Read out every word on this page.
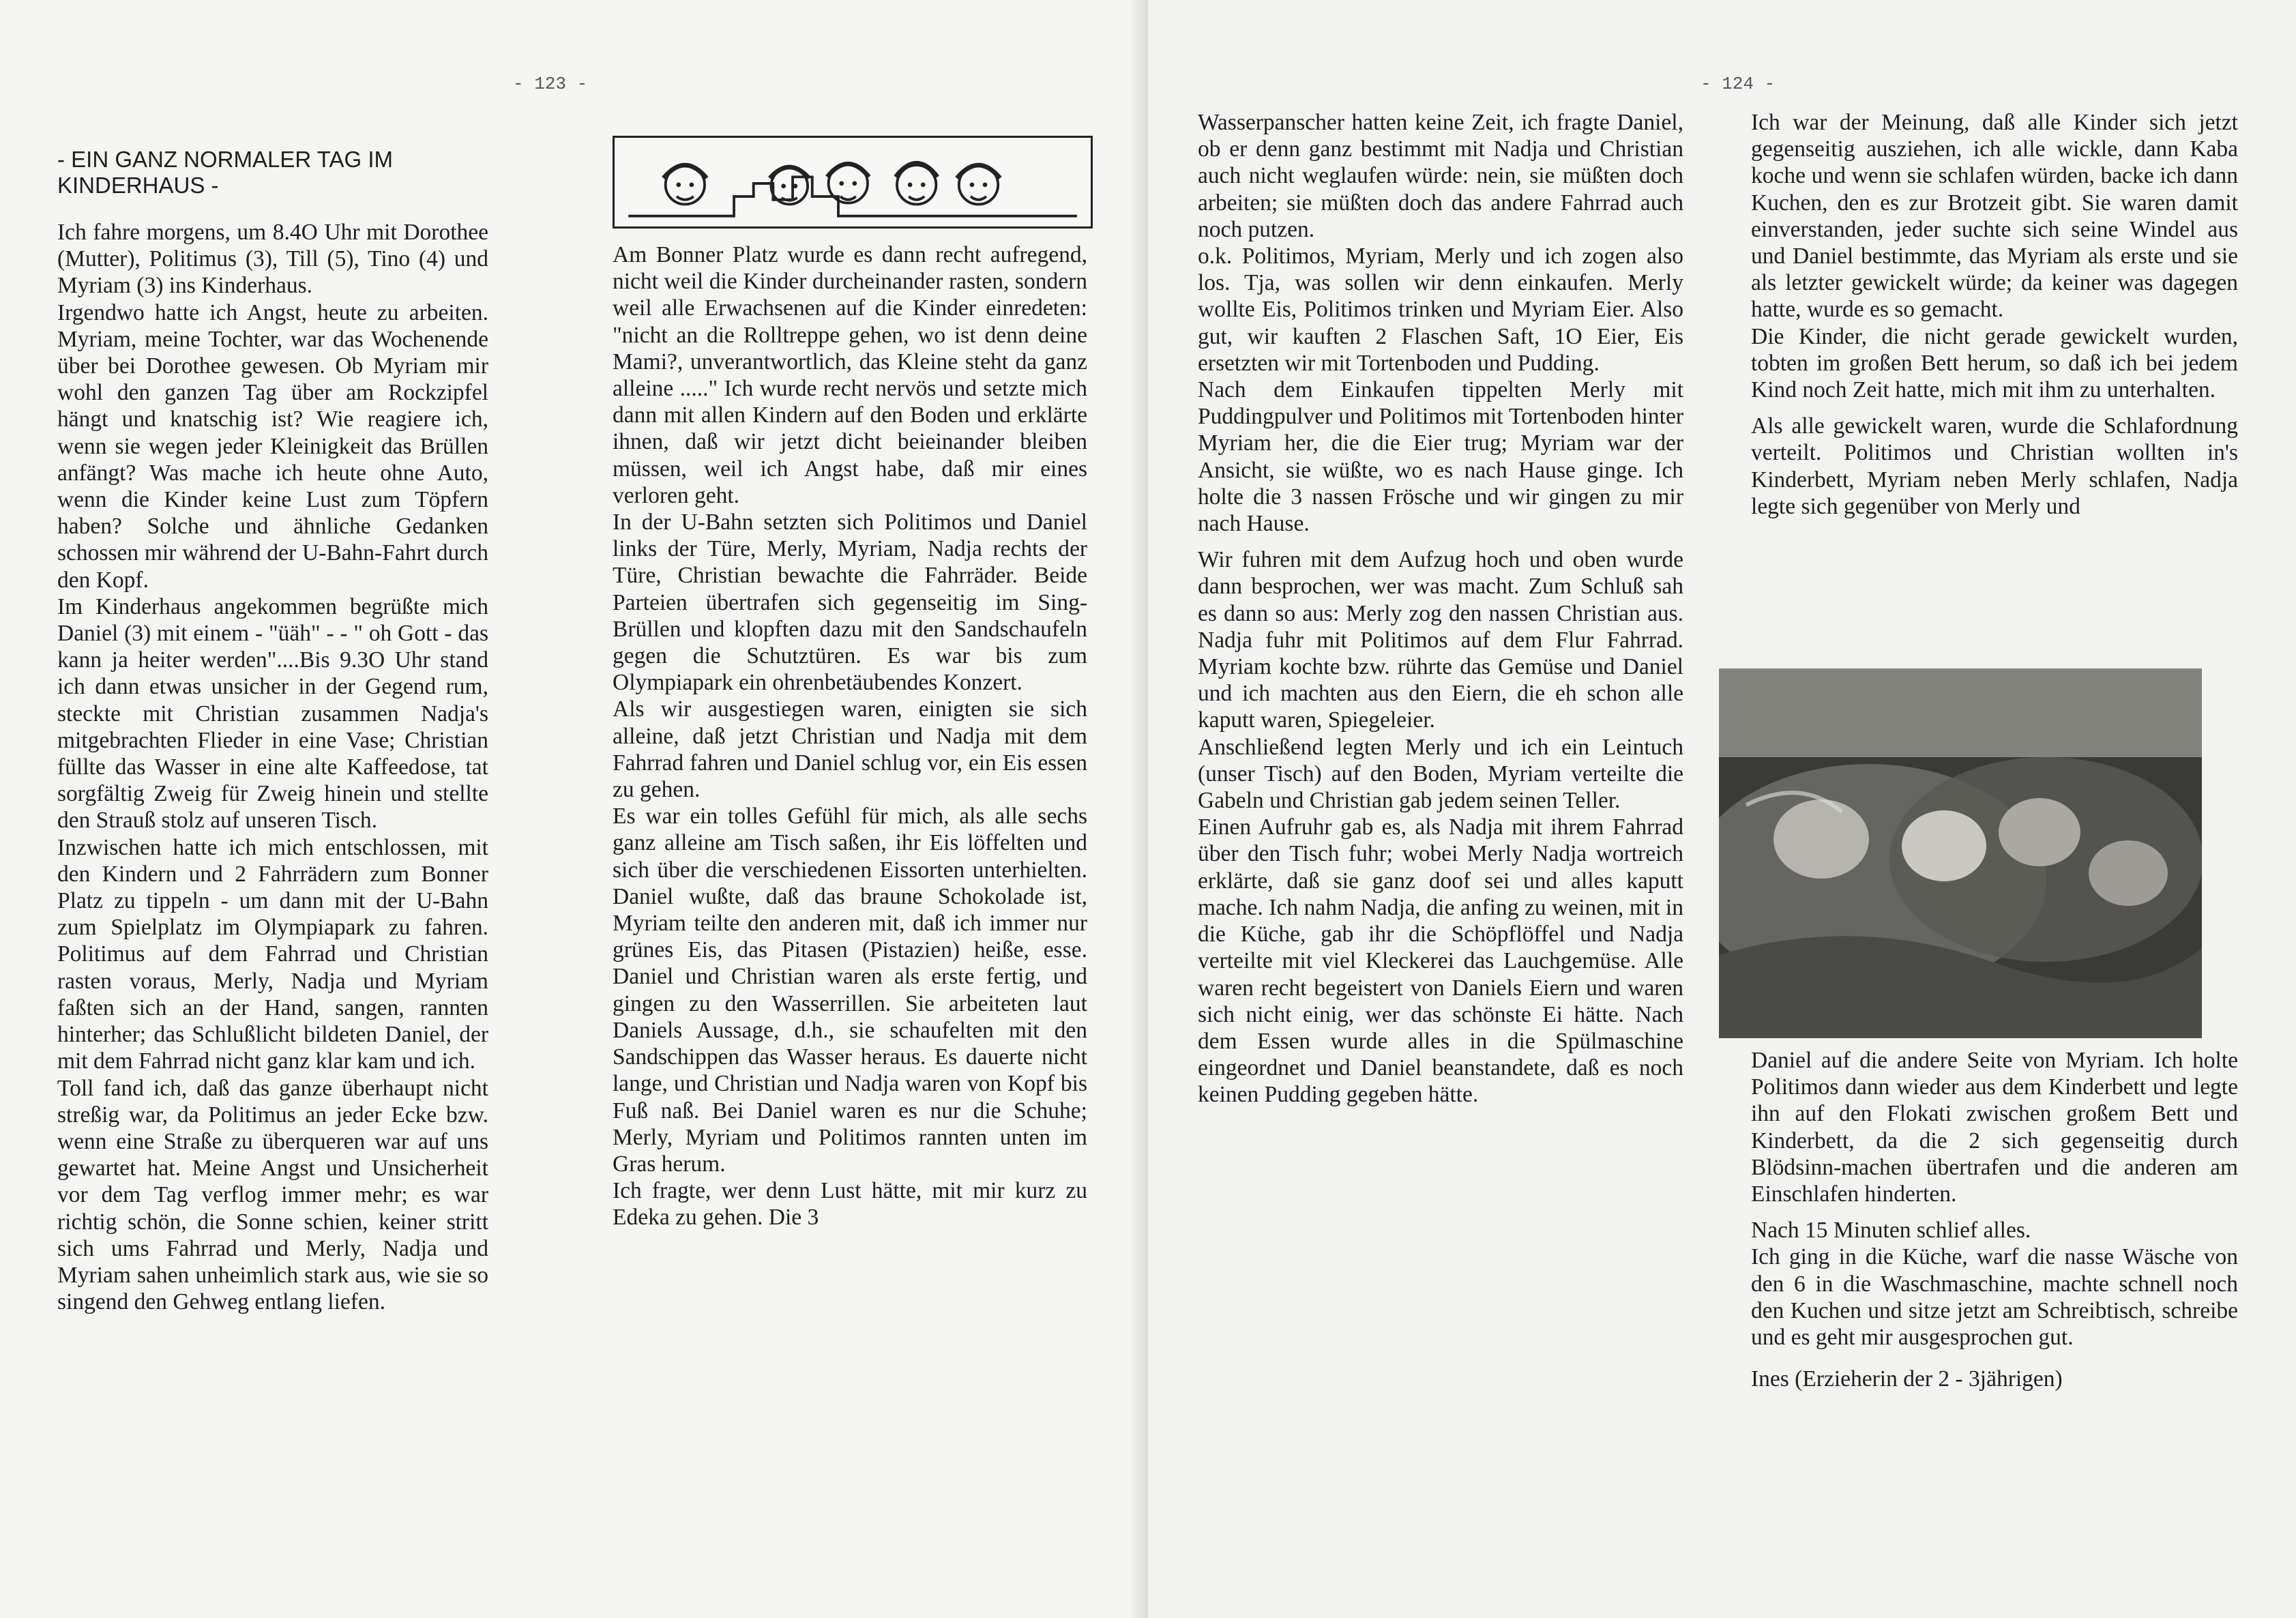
- 123 -

- EIN GANZ NORMALER TAG IM KINDERHAUS -

Ich fahre morgens, um 8.4O Uhr mit Dorothee (Mutter), Politimus (3), Till (5), Tino (4) und Myriam (3) ins Kinderhaus.

Irgendwo hatte ich Angst, heute zu arbeiten. Myriam, meine Tochter, war das Wochenende über bei Dorothee gewesen. Ob Myriam mir wohl den ganzen Tag über am Rockzipfel hängt und knatschig ist? Wie reagiere ich, wenn sie wegen jeder Kleinigkeit das Brüllen anfängt? Was mache ich heute ohne Auto, wenn die Kinder keine Lust zum Töpfern haben? Solche und ähnliche Gedanken schossen mir während der U-Bahn-Fahrt durch den Kopf.

Im Kinderhaus angekommen begrüßte mich Daniel (3) mit einem - "üäh" - - " oh Gott - das kann ja heiter werden"....Bis 9.3O Uhr stand ich dann etwas unsicher in der Gegend rum, steckte mit Christian zusammen Nadja's mitgebrachten Flieder in eine Vase; Christian füllte das Wasser in eine alte Kaffeedose, tat sorgfältig Zweig für Zweig hinein und stellte den Strauß stolz auf unseren Tisch.

Inzwischen hatte ich mich entschlossen, mit den Kindern und 2 Fahrrädern zum Bonner Platz zu tippeln - um dann mit der U-Bahn zum Spielplatz im Olympiapark zu fahren. Politimus auf dem Fahrrad und Christian rasten voraus, Merly, Nadja und Myriam faßten sich an der Hand, sangen, rannten hinterher; das Schlußlicht bildeten Daniel, der mit dem Fahrrad nicht ganz klar kam und ich.

Toll fand ich, daß das ganze überhaupt nicht streßig war, da Politimus an jeder Ecke bzw. wenn eine Straße zu überqueren war auf uns gewartet hat. Meine Angst und Unsicherheit vor dem Tag verflog immer mehr; es war richtig schön, die Sonne schien, keiner stritt sich ums Fahrrad und Merly, Nadja und Myriam sahen unheimlich stark aus, wie sie so singend den Gehweg entlang liefen.

Am Bonner Platz wurde es dann recht aufregend, nicht weil die Kinder durcheinander rasten, sondern weil alle Erwachsenen auf die Kinder einredeten: "nicht an die Rolltreppe gehen, wo ist denn deine Mami?, unverantwortlich, das Kleine steht da ganz alleine ....." Ich wurde recht nervös und setzte mich dann mit allen Kindern auf den Boden und erklärte ihnen, daß wir jetzt dicht beieinander bleiben müssen, weil ich Angst habe, daß mir eines verloren geht.

In der U-Bahn setzten sich Politimos und Daniel links der Türe, Merly, Myriam, Nadja rechts der Türe, Christian bewachte die Fahrräder. Beide Parteien übertrafen sich gegenseitig im Sing-Brüllen und klopften dazu mit den Sandschaufeln gegen die Schutztüren. Es war bis zum Olympiapark ein ohrenbetäubendes Konzert.

Als wir ausgestiegen waren, einigten sie sich alleine, daß jetzt Christian und Nadja mit dem Fahrrad fahren und Daniel schlug vor, ein Eis essen zu gehen.

Es war ein tolles Gefühl für mich, als alle sechs ganz alleine am Tisch saßen, ihr Eis löffelten und sich über die verschiedenen Eissorten unterhielten. Daniel wußte, daß das braune Schokolade ist, Myriam teilte den anderen mit, daß ich immer nur grünes Eis, das Pitasen (Pistazien) heiße, esse. Daniel und Christian waren als erste fertig, und gingen zu den Wasserrillen. Sie arbeiteten laut Daniels Aussage, d.h., sie schaufelten mit den Sandschippen das Wasser heraus. Es dauerte nicht lange, und Christian und Nadja waren von Kopf bis Fuß naß. Bei Daniel waren es nur die Schuhe; Merly, Myriam und Politimos rannten unten im Gras herum.

Ich fragte, wer denn Lust hätte, mit mir kurz zu Edeka zu gehen. Die 3

- 124 -

Wasserpanscher hatten keine Zeit, ich fragte Daniel, ob er denn ganz bestimmt mit Nadja und Christian auch nicht weglaufen würde: nein, sie müßten doch arbeiten; sie müßten doch das andere Fahrrad auch noch putzen.

o.k. Politimos, Myriam, Merly und ich zogen also los. Tja, was sollen wir denn einkaufen. Merly wollte Eis, Politimos trinken und Myriam Eier. Also gut, wir kauften 2 Flaschen Saft, 1O Eier, Eis ersetzten wir mit Tortenboden und Pudding.

Nach dem Einkaufen tippelten Merly mit Puddingpulver und Politimos mit Tortenboden hinter Myriam her, die die Eier trug; Myriam war der Ansicht, sie wüßte, wo es nach Hause ginge. Ich holte die 3 nassen Frösche und wir gingen zu mir nach Hause.

Wir fuhren mit dem Aufzug hoch und oben wurde dann besprochen, wer was macht. Zum Schluß sah es dann so aus: Merly zog den nassen Christian aus. Nadja fuhr mit Politimos auf dem Flur Fahrrad. Myriam kochte bzw. rührte das Gemüse und Daniel und ich machten aus den Eiern, die eh schon alle kaputt waren, Spiegeleier.

Anschließend legten Merly und ich ein Leintuch (unser Tisch) auf den Boden, Myriam verteilte die Gabeln und Christian gab jedem seinen Teller.

Einen Aufruhr gab es, als Nadja mit ihrem Fahrrad über den Tisch fuhr; wobei Merly Nadja wortreich erklärte, daß sie ganz doof sei und alles kaputt mache. Ich nahm Nadja, die anfing zu weinen, mit in die Küche, gab ihr die Schöpflöffel und Nadja verteilte mit viel Kleckerei das Lauchgemüse. Alle waren recht begeistert von Daniels Eiern und waren sich nicht einig, wer das schönste Ei hätte. Nach dem Essen wurde alles in die Spülmaschine eingeordnet und Daniel beanstandete, daß es noch keinen Pudding gegeben hätte.

Ich war der Meinung, daß alle Kinder sich jetzt gegenseitig ausziehen, ich alle wickle, dann Kaba koche und wenn sie schlafen würden, backe ich dann Kuchen, den es zur Brotzeit gibt. Sie waren damit einverstanden, jeder suchte sich seine Windel aus und Daniel bestimmte, das Myriam als erste und sie als letzter gewickelt würde; da keiner was dagegen hatte, wurde es so gemacht.

Die Kinder, die nicht gerade gewickelt wurden, tobten im großen Bett herum, so daß ich bei jedem Kind noch Zeit hatte, mich mit ihm zu unterhalten.

Als alle gewickelt waren, wurde die Schlafordnung verteilt. Politimos und Christian wollten in's Kinderbett, Myriam neben Merly schlafen, Nadja legte sich gegenüber von Merly und

Daniel auf die andere Seite von Myriam. Ich holte Politimos dann wieder aus dem Kinderbett und legte ihn auf den Flokati zwischen großem Bett und Kinderbett, da die 2 sich gegenseitig durch Blödsinn-machen übertrafen und die anderen am Einschlafen hinderten.

Nach 15 Minuten schlief alles.

Ich ging in die Küche, warf die nasse Wäsche von den 6 in die Waschmaschine, machte schnell noch den Kuchen und sitze jetzt am Schreibtisch, schreibe und es geht mir ausgesprochen gut.

Ines (Erzieherin der 2 - 3jährigen)
